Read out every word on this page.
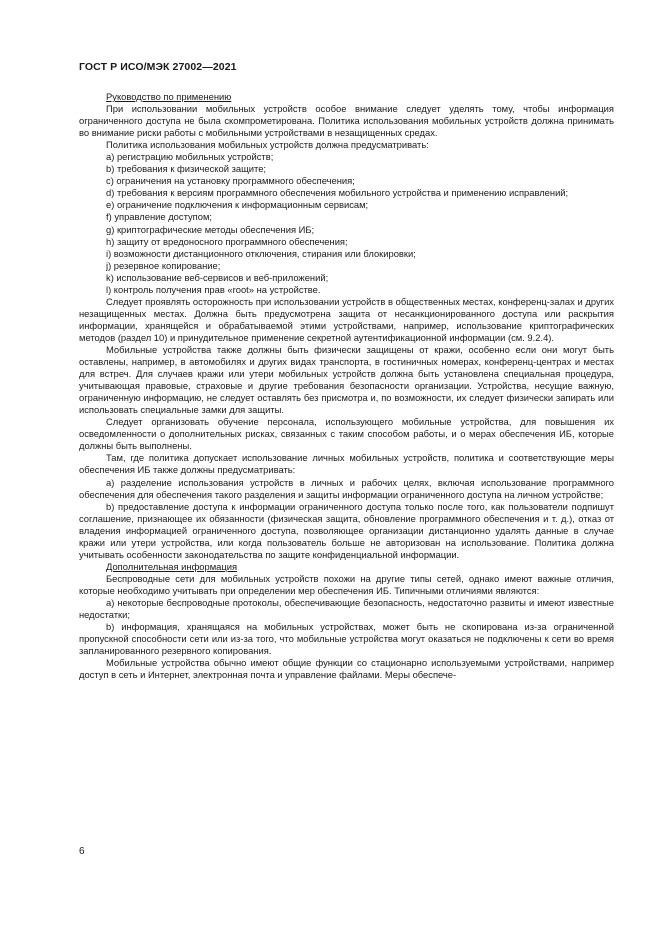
ГОСТ Р ИСО/МЭК 27002—2021

Руководство по применению

При использовании мобильных устройств особое внимание следует уделять тому, чтобы информация ограниченного доступа не была скомпрометирована. Политика использования мобильных устройств должна принимать во внимание риски работы с мобильными устройствами в незащищенных средах.

Политика использования мобильных устройств должна предусматривать:

a) регистрацию мобильных устройств;

b) требования к физической защите;

c) ограничения на установку программного обеспечения;

d) требования к версиям программного обеспечения мобильного устройства и применению исправлений;

e) ограничение подключения к информационным сервисам;

f) управление доступом;

g) криптографические методы обеспечения ИБ;

h) защиту от вредоносного программного обеспечения;

i) возможности дистанционного отключения, стирания или блокировки;

j) резервное копирование;

k) использование веб-сервисов и веб-приложений;

l) контроль получения прав «root» на устройстве.

Следует проявлять осторожность при использовании устройств в общественных местах, конференц-залах и других незащищенных местах. Должна быть предусмотрена защита от несанкционированного доступа или раскрытия информации, хранящейся и обрабатываемой этими устройствами, например, использование криптографических методов (раздел 10) и принудительное применение секретной аутентификационной информации (см. 9.2.4).

Мобильные устройства также должны быть физически защищены от кражи, особенно если они могут быть оставлены, например, в автомобилях и других видах транспорта, в гостиничных номерах, конференц-центрах и местах для встреч. Для случаев кражи или утери мобильных устройств должна быть установлена специальная процедура, учитывающая правовые, страховые и другие требования безопасности организации. Устройства, несущие важную, ограниченную информацию, не следует оставлять без присмотра и, по возможности, их следует физически запирать или использовать специальные замки для защиты.

Следует организовать обучение персонала, использующего мобильные устройства, для повышения их осведомленности о дополнительных рисках, связанных с таким способом работы, и о мерах обеспечения ИБ, которые должны быть выполнены.

Там, где политика допускает использование личных мобильных устройств, политика и соответствующие меры обеспечения ИБ также должны предусматривать:

a) разделение использования устройств в личных и рабочих целях, включая использование программного обеспечения для обеспечения такого разделения и защиты информации ограниченного доступа на личном устройстве;

b) предоставление доступа к информации ограниченного доступа только после того, как пользователи подпишут соглашение, признающее их обязанности (физическая защита, обновление программного обеспечения и т. д.), отказ от владения информацией ограниченного доступа, позволяющее организации дистанционно удалять данные в случае кражи или утери устройства, или когда пользователь больше не авторизован на использование. Политика должна учитывать особенности законодательства по защите конфиденциальной информации.

Дополнительная информация

Беспроводные сети для мобильных устройств похожи на другие типы сетей, однако имеют важные отличия, которые необходимо учитывать при определении мер обеспечения ИБ. Типичными отличиями являются:

a) некоторые беспроводные протоколы, обеспечивающие безопасность, недостаточно развиты и имеют известные недостатки;

b) информация, хранящаяся на мобильных устройствах, может быть не скопирована из-за ограниченной пропускной способности сети или из-за того, что мобильные устройства могут оказаться не подключены к сети во время запланированного резервного копирования.

Мобильные устройства обычно имеют общие функции со стационарно используемыми устройствами, например доступ в сеть и Интернет, электронная почта и управление файлами. Меры обеспече-

6
